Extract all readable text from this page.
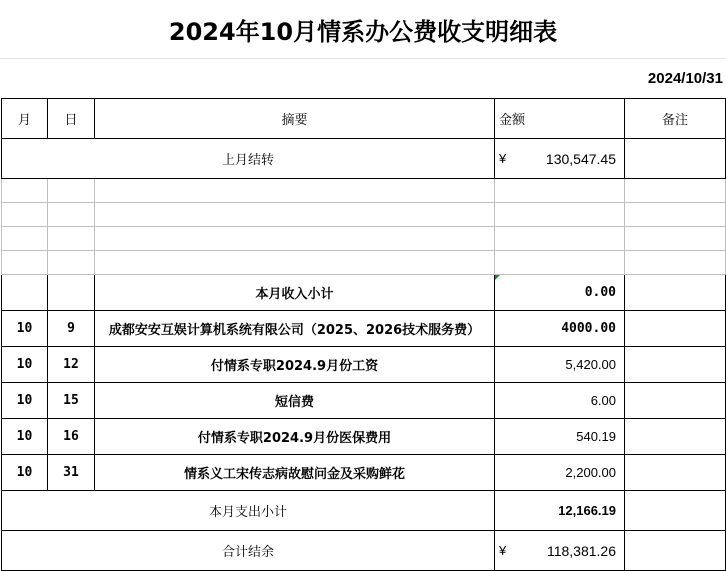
2024年10月情系办公费收支明细表
2024/10/31
月	日	摘要	金额	备注
上月结转			¥ 130,547.45	

		本月收入小计	0.00	
10	9	成都安安互娱计算机系统有限公司（2025、2026技术服务费）	4000.00	
10	12	付情系专职2024.9月份工资	5,420.00	
10	15	短信费	6.00	
10	16	付情系专职2024.9月份医保费用	540.19	
10	31	情系义工宋传志病故慰问金及采购鲜花	2,200.00	
本月支出小计			12,166.19	
合计结余			¥ 118,381.26	
